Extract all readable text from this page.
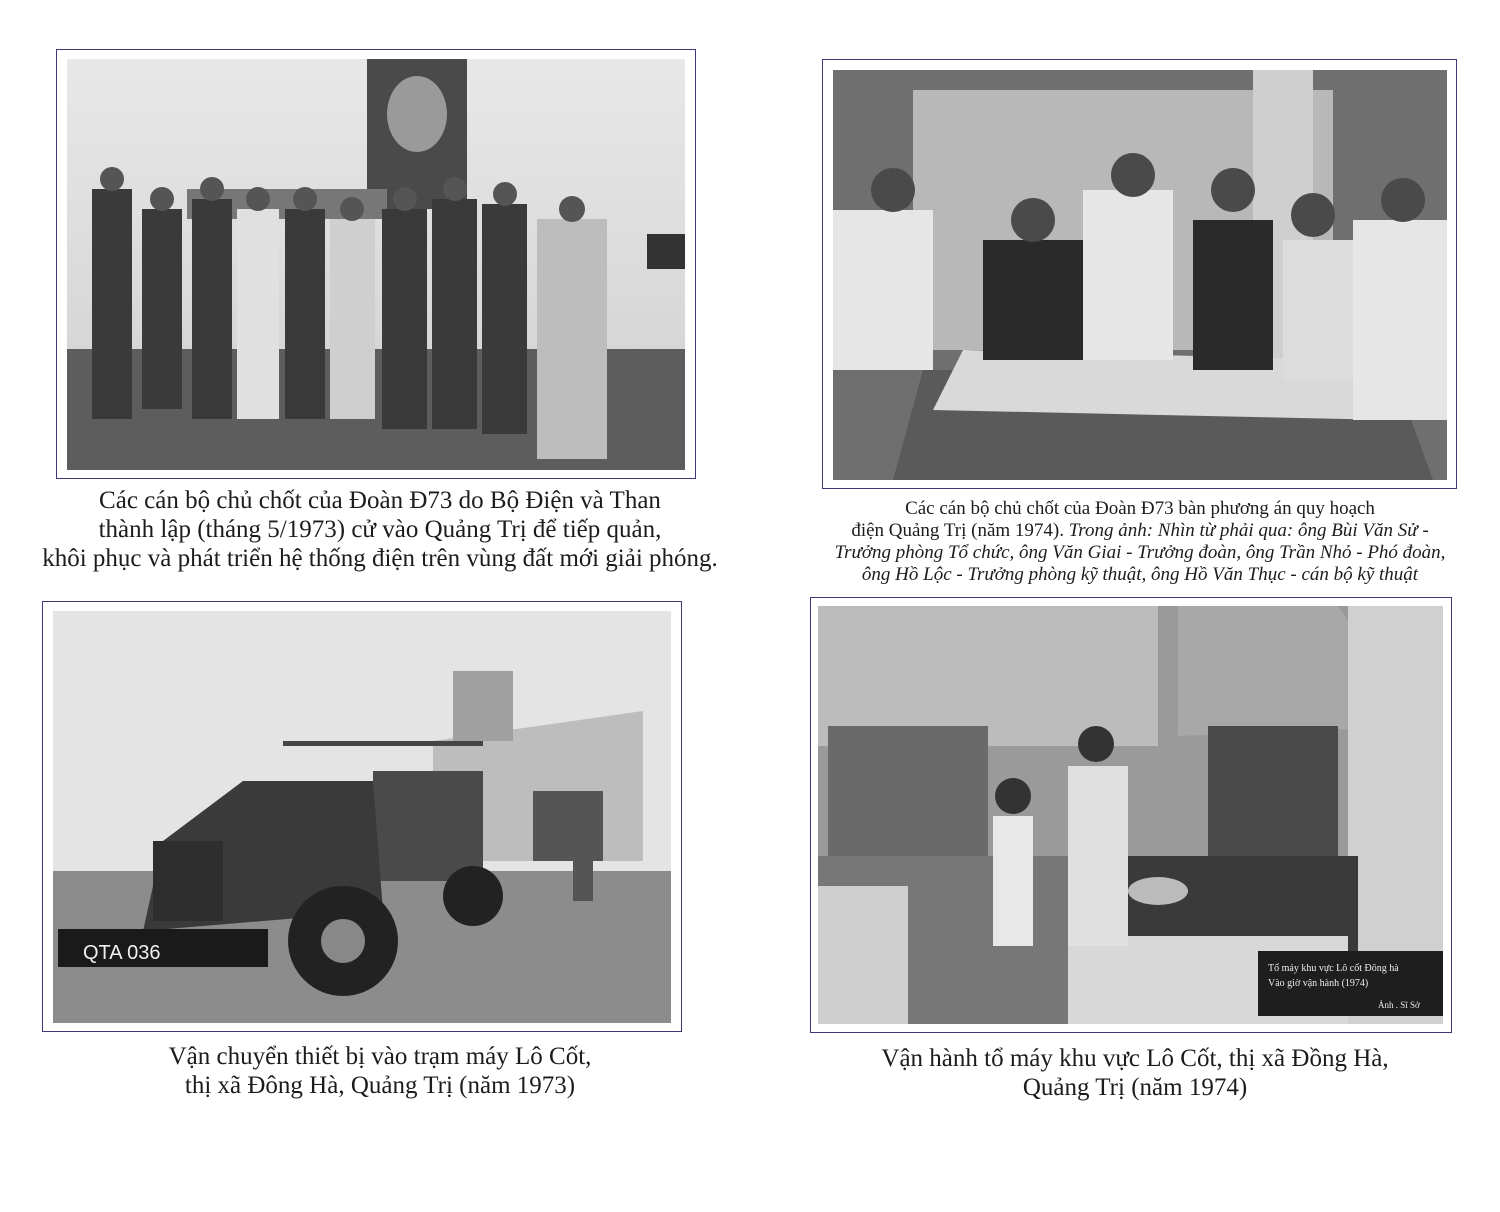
Các cán bộ chủ chốt của Đoàn Đ73 do Bộ Điện và Than
thành lập (tháng 5/1973) cử vào Quảng Trị để tiếp quản,
khôi phục và phát triển hệ thống điện trên vùng đất mới giải phóng.
Các cán bộ chủ chốt của Đoàn Đ73 bàn phương án quy hoạch
điện Quảng Trị (năm 1974). Trong ảnh: Nhìn từ phải qua: ông Bùi Văn Sử -
Trưởng phòng Tổ chức, ông Văn Giai - Trưởng đoàn, ông Trần Nhỏ - Phó đoàn,
ông Hồ Lộc - Trưởng phòng kỹ thuật, ông Hồ Văn Thục - cán bộ kỹ thuật
QTA 036
Vận chuyển thiết bị vào trạm máy Lô Cốt,
thị xã Đông Hà, Quảng Trị (năm 1973)
Tổ máy khu vực Lô cốt Đông hà
Vào giờ vận hành (1974)
Ảnh . Sĩ Sở
Vận hành tổ máy khu vực Lô Cốt, thị xã Đồng Hà,
Quảng Trị (năm 1974)
